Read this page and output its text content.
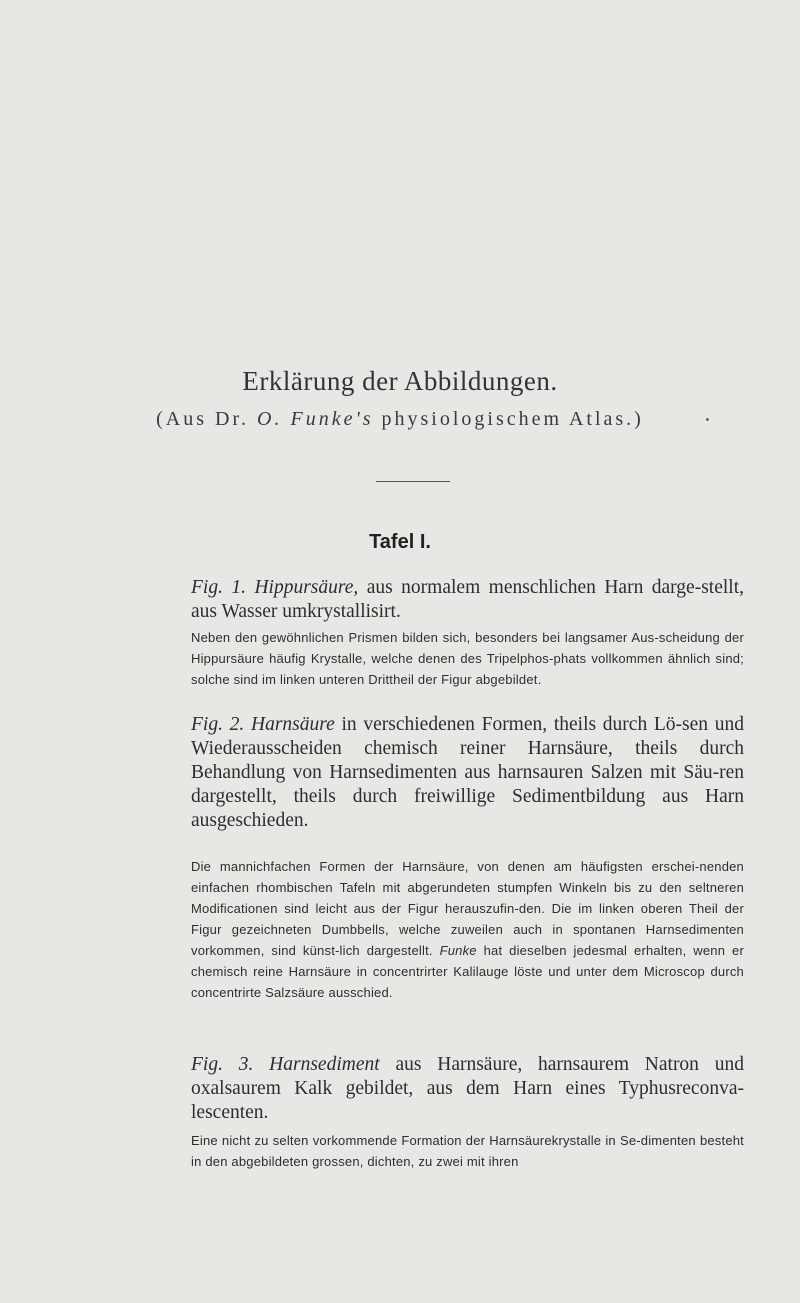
Erklärung der Abbildungen.
(Aus Dr. O. Funke's physiologischem Atlas.)
Tafel I.

Fig. 1. Hippursäure, aus normalem menschlichen Harn darge-stellt, aus Wasser umkrystallisirt.

Neben den gewöhnlichen Prismen bilden sich, besonders bei langsamer Aus-scheidung der Hippursäure häufig Krystalle, welche denen des Tripelphos-phats vollkommen ähnlich sind; solche sind im linken unteren Drittheil der Figur abgebildet.

Fig. 2. Harnsäure in verschiedenen Formen, theils durch Lö-sen und Wiederausscheiden chemisch reiner Harnsäure, theils durch Behandlung von Harnsedimenten aus harnsauren Salzen mit Säu-ren dargestellt, theils durch freiwillige Sedimentbildung aus Harn ausgeschieden.

Die mannichfachen Formen der Harnsäure, von denen am häufigsten erschei-nenden einfachen rhombischen Tafeln mit abgerundeten stumpfen Winkeln bis zu den seltneren Modificationen sind leicht aus der Figur herauszufin-den. Die im linken oberen Theil der Figur gezeichneten Dumbbells, welche zuweilen auch in spontanen Harnsedimenten vorkommen, sind künst-lich dargestellt. Funke hat dieselben jedesmal erhalten, wenn er chemisch reine Harnsäure in concentrirter Kalilauge löste und unter dem Microscop durch concentrirte Salzsäure ausschied.

Fig. 3. Harnsediment aus Harnsäure, harnsaurem Natron und oxalsaurem Kalk gebildet, aus dem Harn eines Typhusreconva-lescenten.

Eine nicht zu selten vorkommende Formation der Harnsäurekrystalle in Se-dimenten besteht in den abgebildeten grossen, dichten, zu zwei mit ihren
